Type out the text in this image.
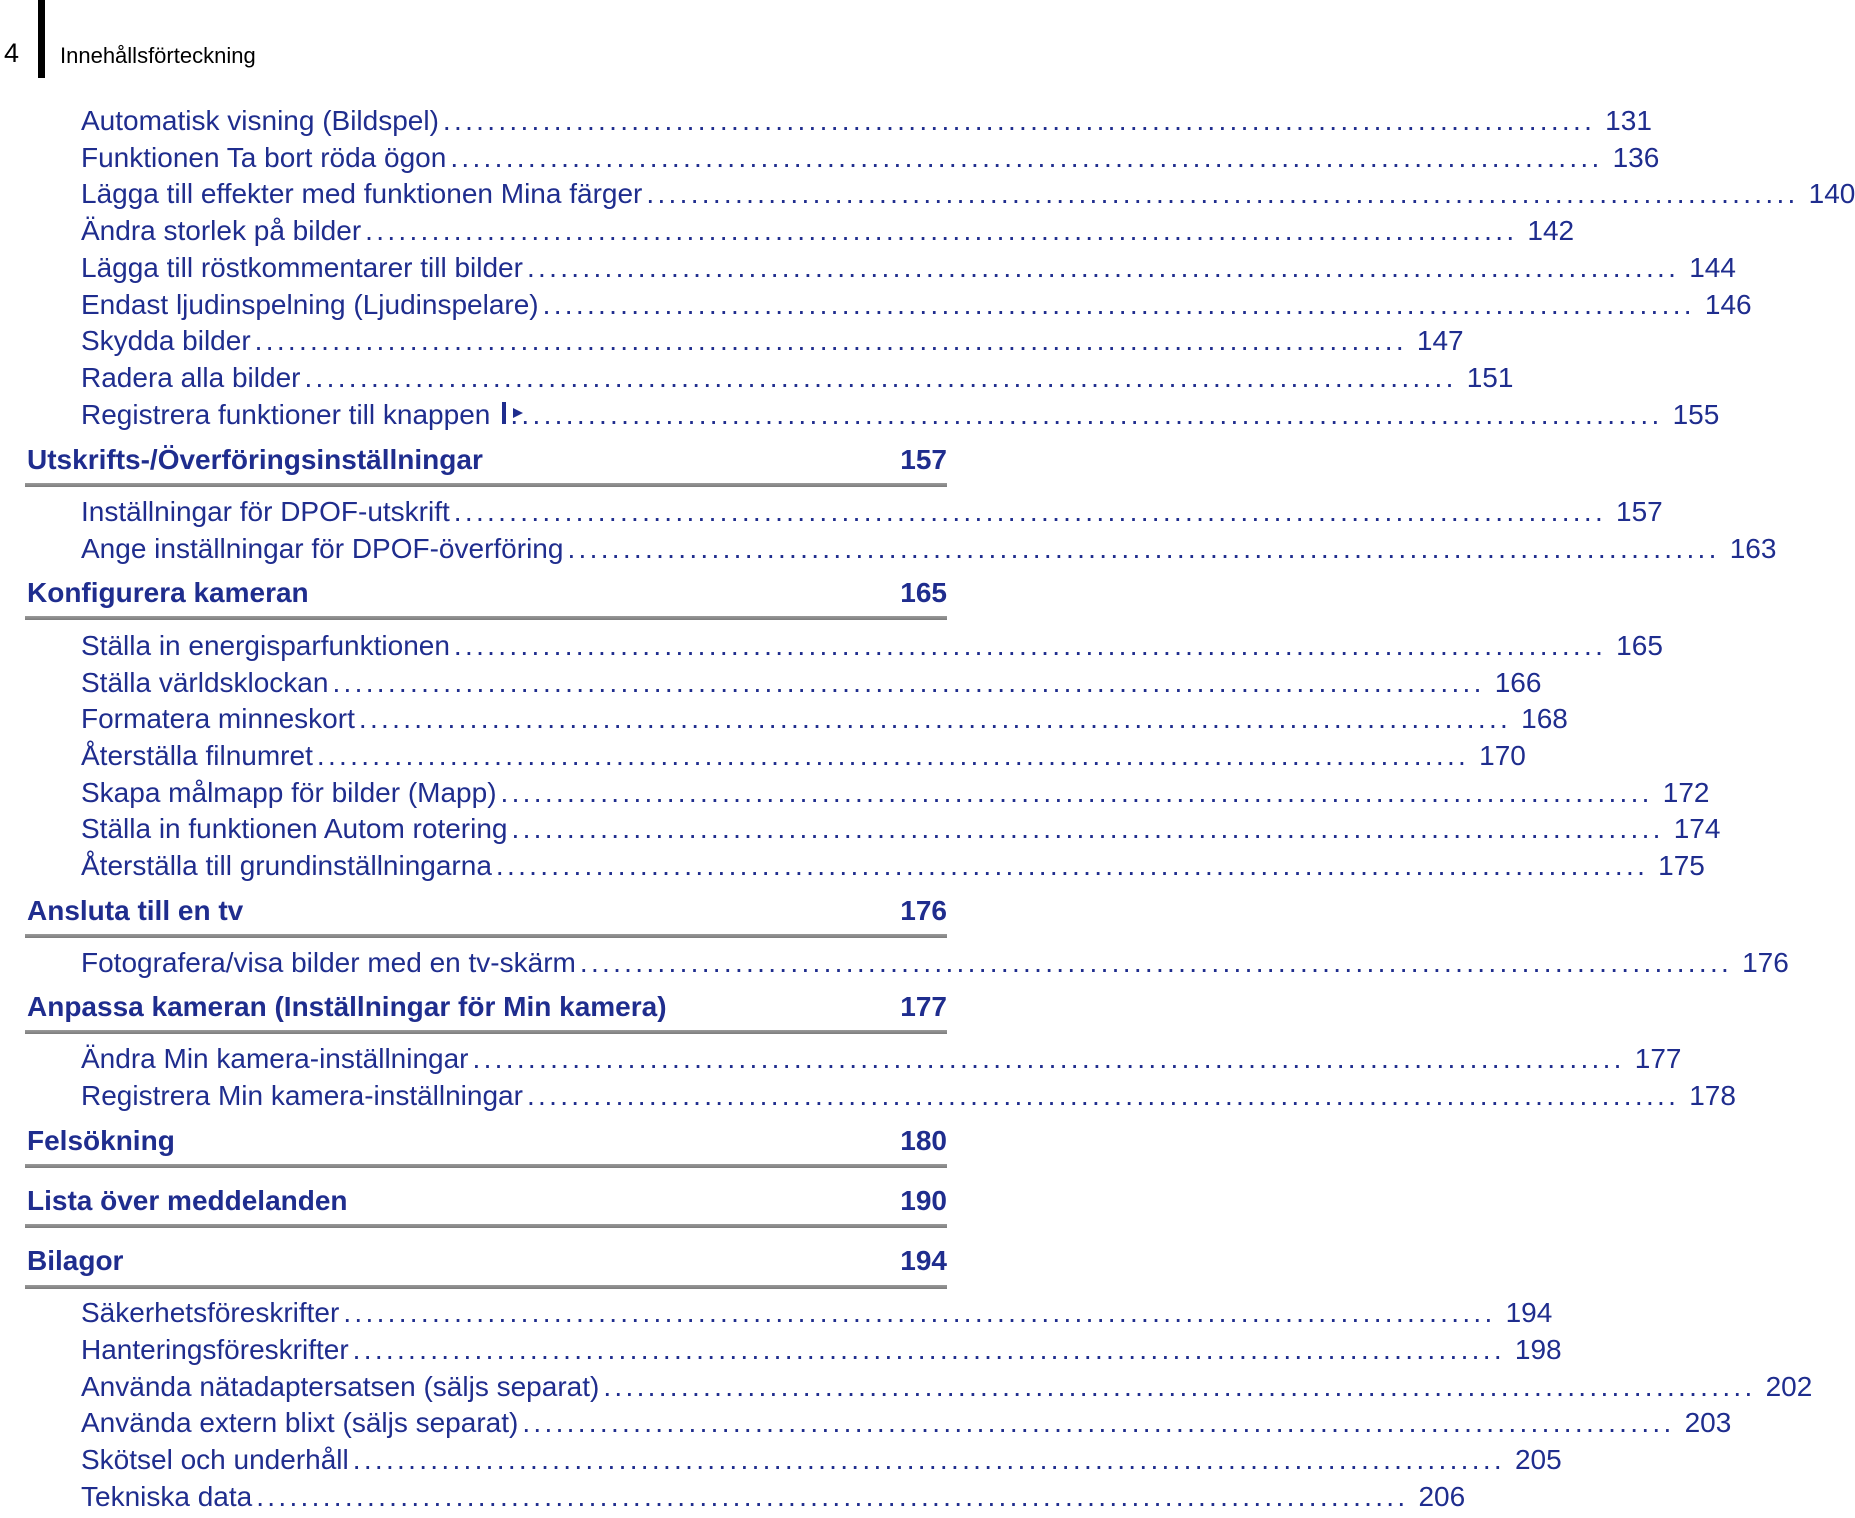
4 Innehållsförteckning
Automatisk visning (Bildspel) ........................................................................................................ 131
Funktionen Ta bort röda ögon ........................................................................................................ 136
Lägga till effekter med funktionen Mina färger ........................................................................................................ 140
Ändra storlek på bilder ........................................................................................................ 142
Lägga till röstkommentarer till bilder ........................................................................................................ 144
Endast ljudinspelning (Ljudinspelare) ........................................................................................................ 146
Skydda bilder ........................................................................................................ 147
Radera alla bilder ........................................................................................................ 151
Registrera funktioner till knappen ........................................................................................................ 155
Utskrifts-/Överföringsinställningar	157
Inställningar för DPOF-utskrift ........................................................................................................ 157
Ange inställningar för DPOF-överföring ........................................................................................................ 163
Konfigurera kameran	165
Ställa in energisparfunktionen ........................................................................................................ 165
Ställa världsklockan ........................................................................................................ 166
Formatera minneskort ........................................................................................................ 168
Återställa filnumret ........................................................................................................ 170
Skapa målmapp för bilder (Mapp) ........................................................................................................ 172
Ställa in funktionen Autom rotering ........................................................................................................ 174
Återställa till grundinställningarna ........................................................................................................ 175
Ansluta till en tv	176
Fotografera/visa bilder med en tv-skärm ........................................................................................................ 176
Anpassa kameran (Inställningar för Min kamera)	177
Ändra Min kamera-inställningar ........................................................................................................ 177
Registrera Min kamera-inställningar ........................................................................................................ 178
Felsökning	180
Lista över meddelanden	190
Bilagor	194
Säkerhetsföreskrifter ........................................................................................................ 194
Hanteringsföreskrifter ........................................................................................................ 198
Använda nätadaptersatsen (säljs separat) ........................................................................................................ 202
Använda extern blixt (säljs separat) ........................................................................................................ 203
Skötsel och underhåll ........................................................................................................ 205
Tekniska data ........................................................................................................ 206
